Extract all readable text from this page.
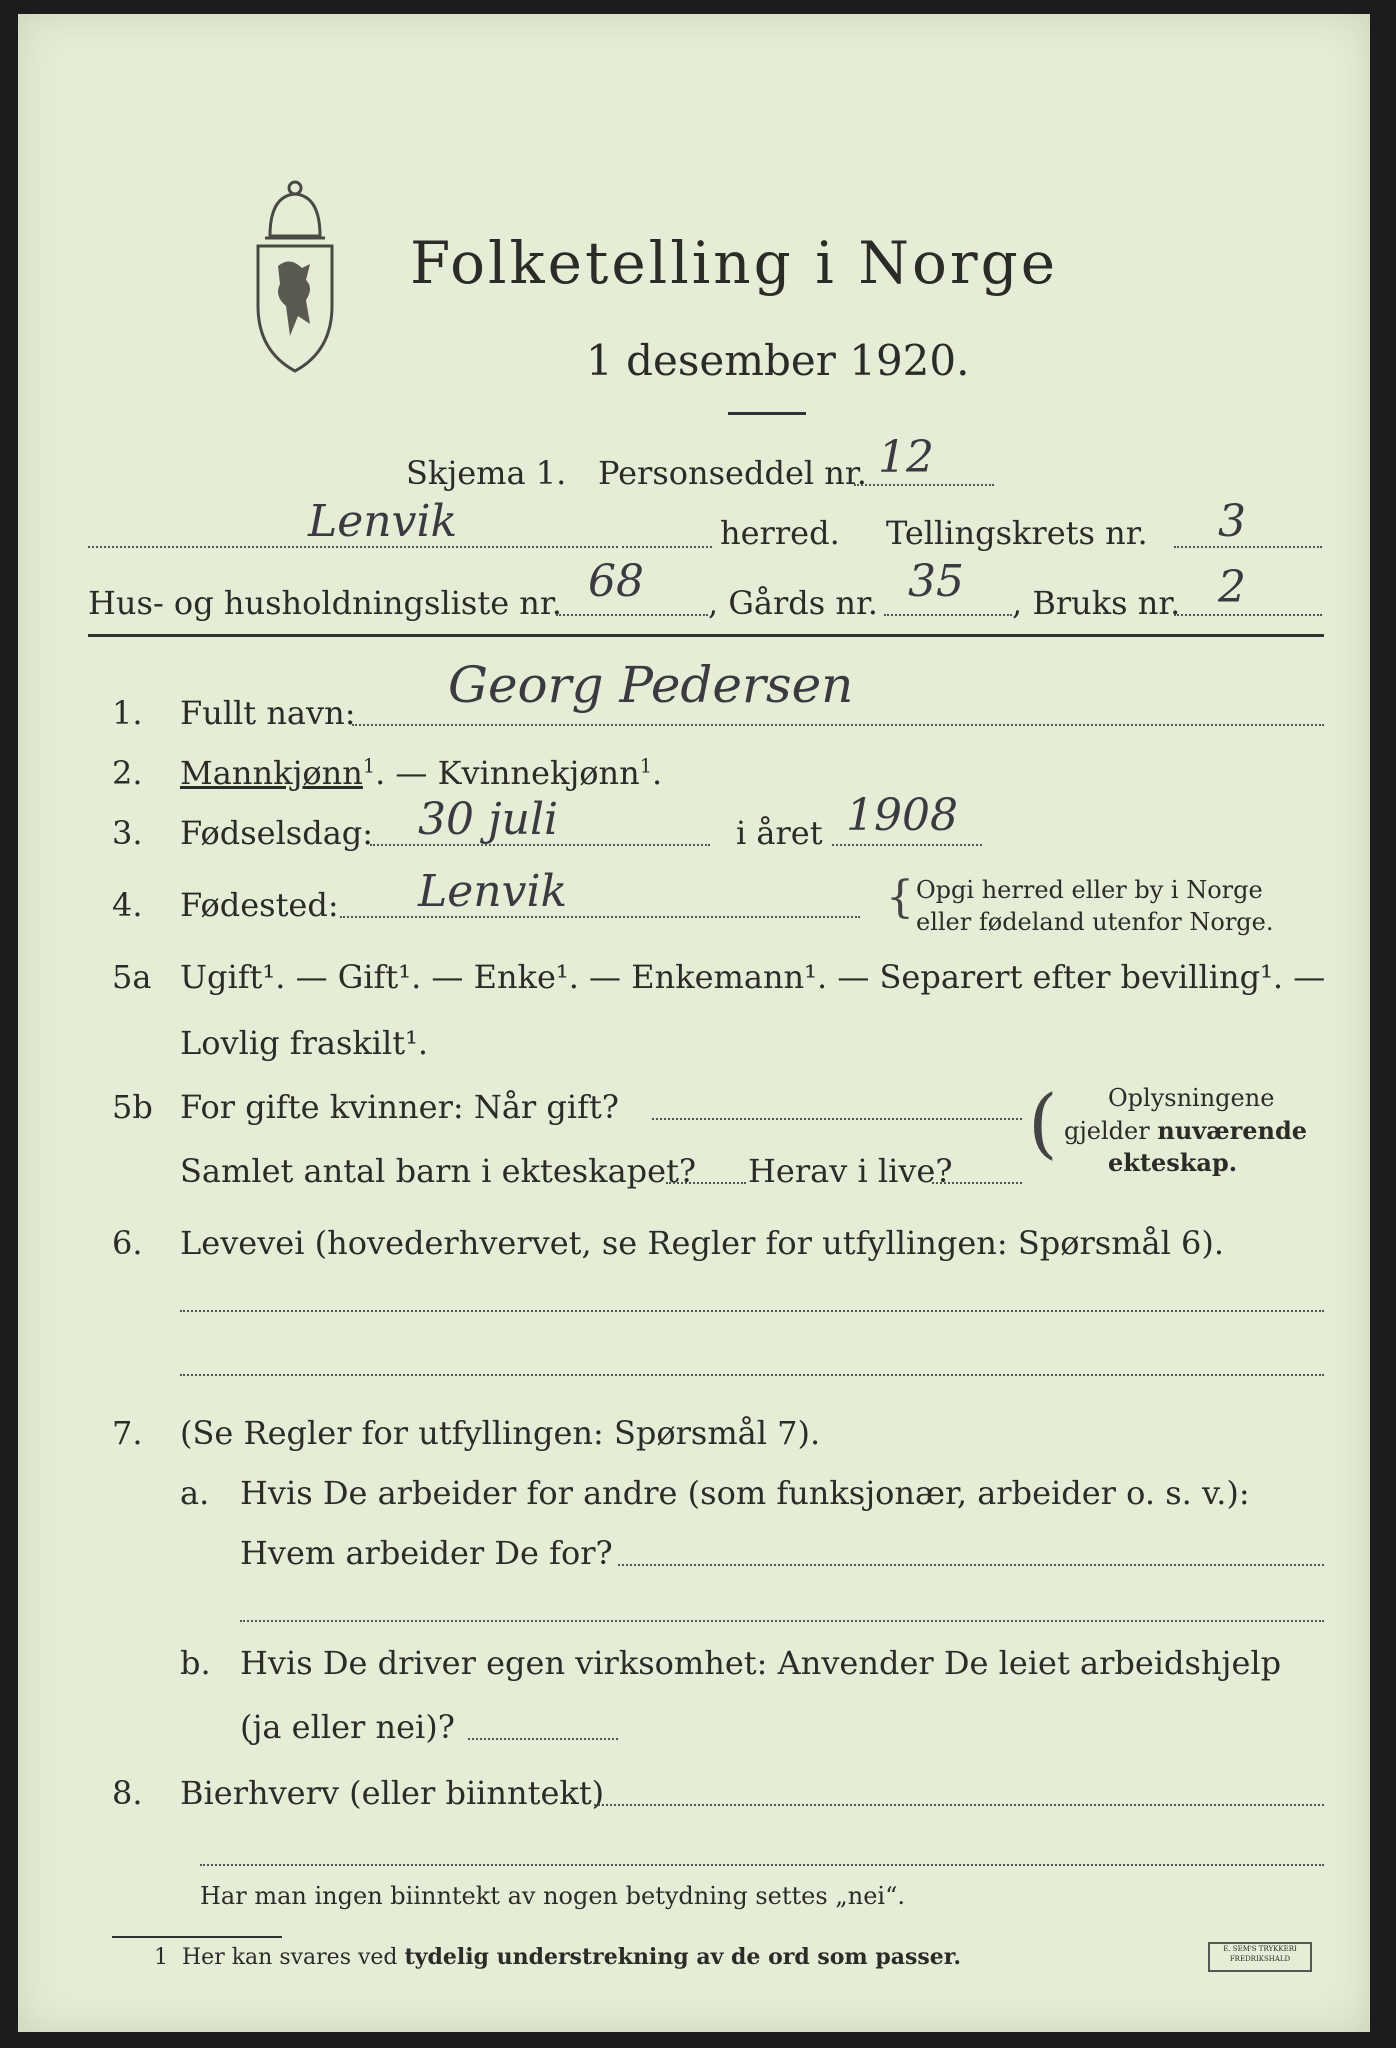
Folketelling i Norge
1 desember 1920.
Skjema 1. Personseddel nr. 12
Lenvik	herred. Tellingskrets nr. 3
Hus- og husholdningsliste nr. 68 , Gårds nr. 35 , Bruks nr. 2
1. Fullt navn: Georg Pedersen
2. Mannkjønn$^1$. — Kvinnekjønn$^1$.
3. Fødselsdag: 30 juli	i året 1908
4. Fødested: Lenvik	{ Opgi herred eller by i Norge
eller fødeland utenfor Norge.
5a Ugift¹. — Gift¹. — Enke¹. — Enkemann¹. — Separert efter bevilling¹. —
Lovlig fraskilt¹.
5b For gifte kvinner: Når gift?
Samlet antal barn i ekteskapet? Herav i live?
( Oplysningene
gjelder nuværende
ekteskap.
6. Levevei (hovederhvervet, se Regler for utfyllingen: Spørsmål 6).
7. (Se Regler for utfyllingen: Spørsmål 7).
a. Hvis De arbeider for andre (som funksjonær, arbeider o. s. v.):
Hvem arbeider De for?
b. Hvis De driver egen virksomhet: Anvender De leiet arbeidshjelp
(ja eller nei)?
8. Bierhverv (eller biinntekt)
Har man ingen biinntekt av nogen betydning settes „nei“.
1 Her kan svares ved tydelig understrekning av de ord som passer.	E. SEM'S TRYKKERI
FREDRIKSHALD
